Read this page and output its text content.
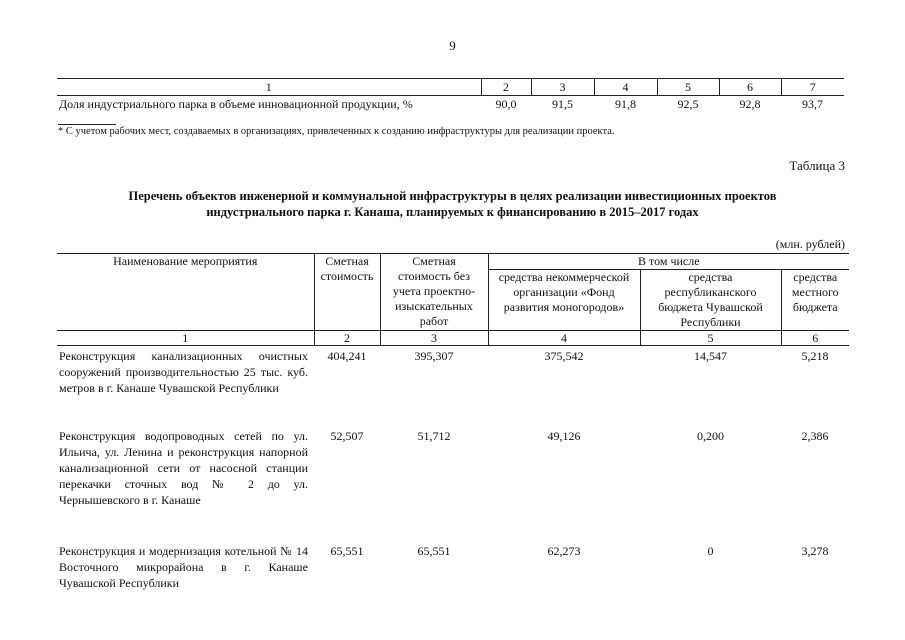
9
1	2	3	4	5	6	7
Доля индустриального парка в объеме инновационной продукции, %	90,0	91,5	91,8	92,5	92,8	93,7
* С учетом рабочих мест, создаваемых в организациях, привлеченных к созданию инфраструктуры для реализации проекта.
Таблица 3
Перечень объектов инженерной и коммунальной инфраструктуры в целях реализации инвестиционных проектов
индустриального парка г. Канаша, планируемых к финансированию в 2015–2017 годах
(млн. рублей)
Наименование мероприятия	Сметная стоимость	Сметная стоимость без учета проектно-изыскательных работ	В том числе		
			средства некоммерческой организации «Фонд развития моногородов»	средства республиканского бюджета Чувашской Республики	средства местного бюджета
1	2	3	4	5	6
Реконструкция канализационных очистных сооружений производительностью 25 тыс. куб. метров в г. Канаше Чувашской Республики	404,241	395,307	375,542	14,547	5,218
Реконструкция водопроводных сетей по ул. Ильича, ул. Ленина и реконструкция напорной канализационной сети от насосной станции перекачки сточных вод № 2 до ул. Чернышевского в г. Канаше	52,507	51,712	49,126	0,200	2,386
Реконструкция и модернизация котельной № 14 Восточного микрорайона в г. Канаше Чувашской Республики	65,551	65,551	62,273	0	3,278
